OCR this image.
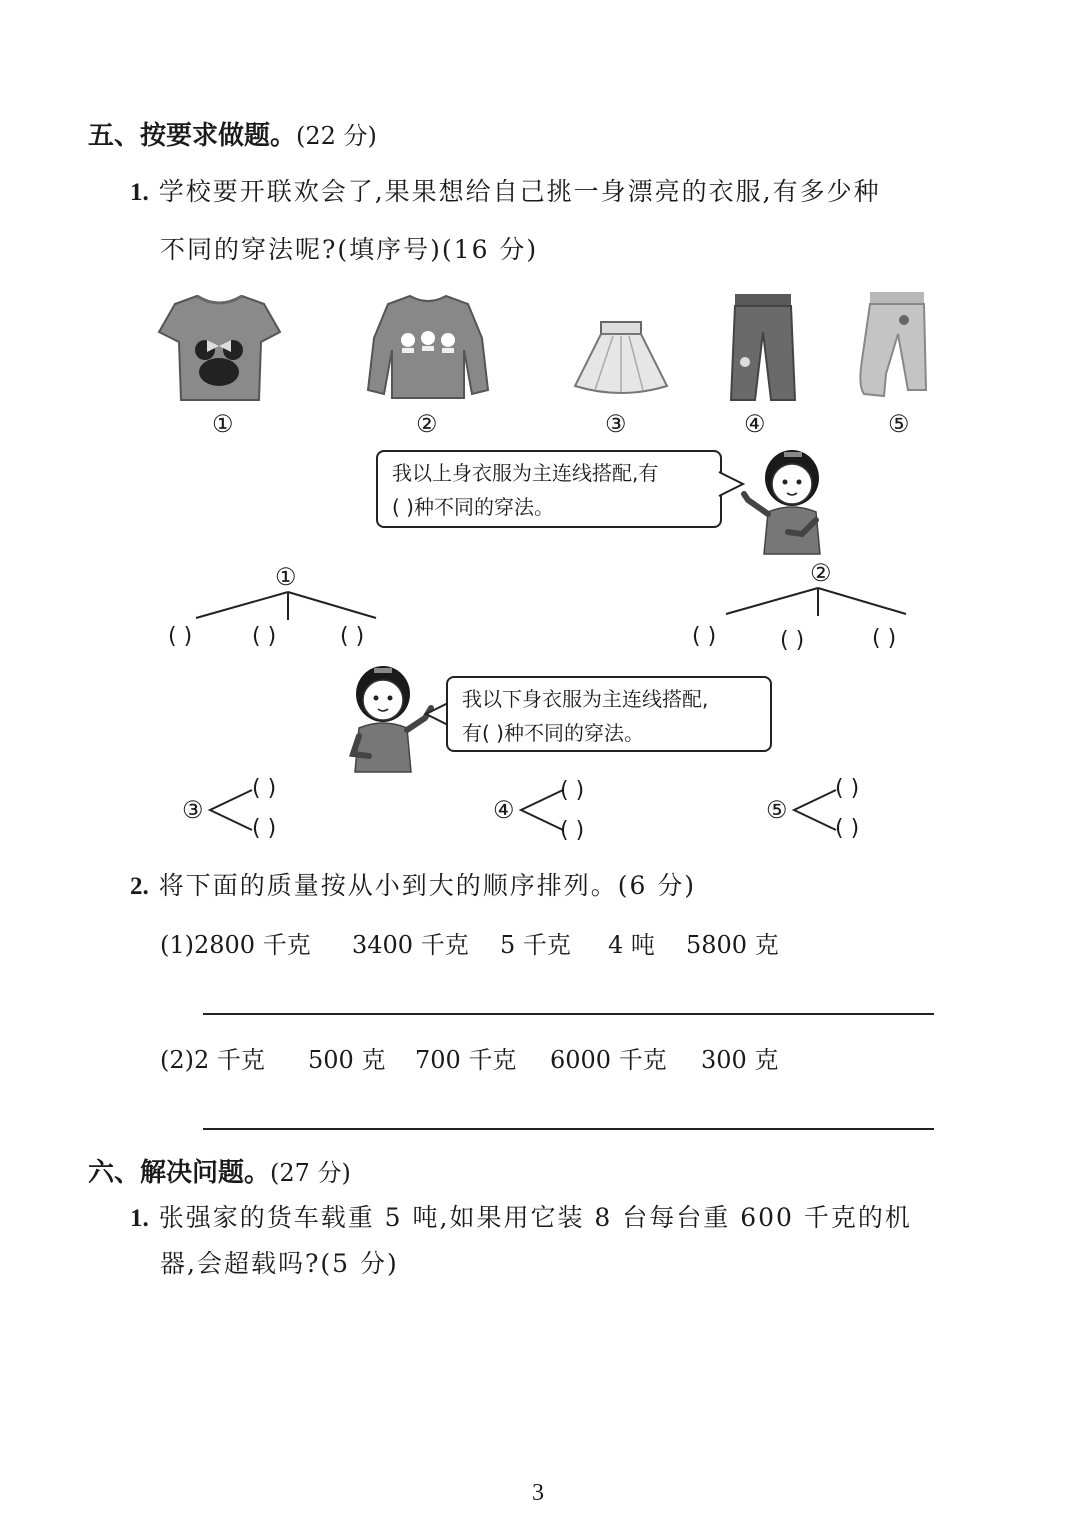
五、按要求做题。(22 分)
1. 学校要开联欢会了,果果想给自己挑一身漂亮的衣服,有多少种
不同的穿法呢?(填序号)(16 分)
①	②	③	④	⑤
我以上身衣服为主连线搭配,有
( )种不同的穿法。
①
( )	( )	( )
②
( )	( )	( )
我以下身衣服为主连线搭配,
有( )种不同的穿法。
③
( )
( )
④
( )
( )
⑤
( )
( )
2. 将下面的质量按从小到大的顺序排列。(6 分)
(1)2800 千克 3400 千克 5 千克 4 吨 5800 克
(2)2 千克 500 克 700 千克 6000 千克 300 克
六、解决问题。(27 分)
1. 张强家的货车载重 5 吨,如果用它装 8 台每台重 600 千克的机
器,会超载吗?(5 分)
3
